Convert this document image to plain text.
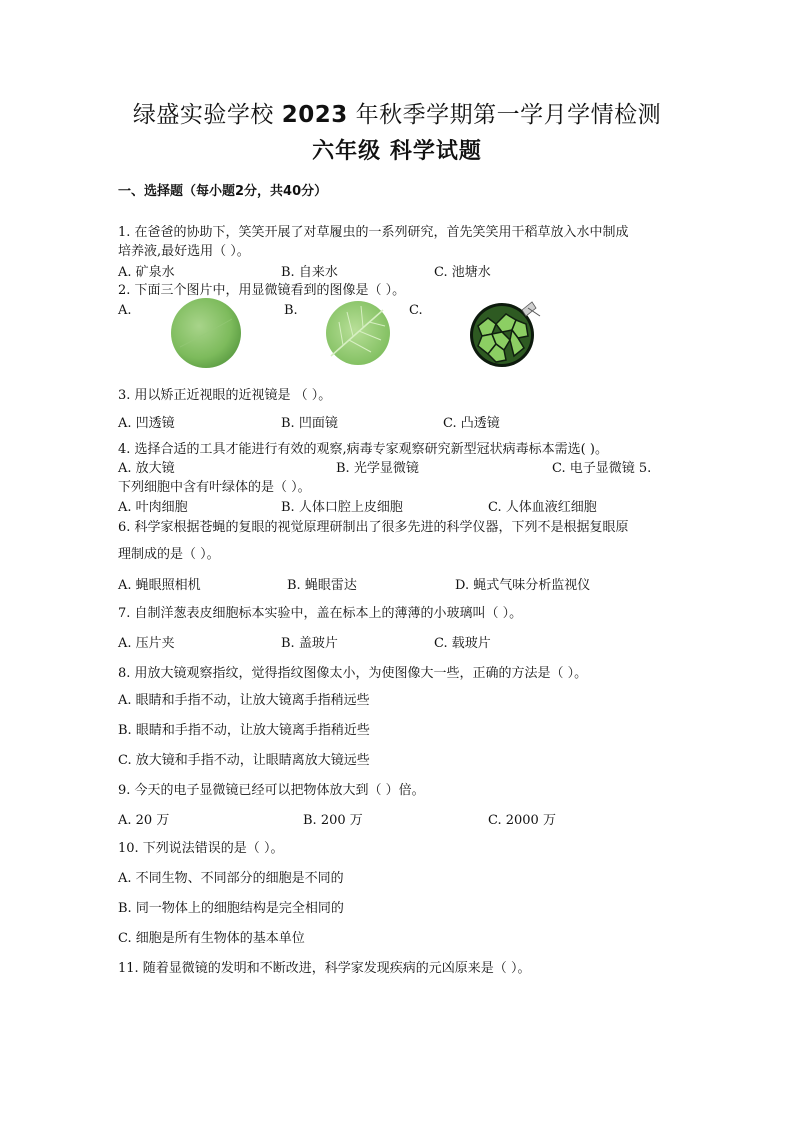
绿盛实验学校 2023 年秋季学期第一学月学情检测
六年级 科学试题
一、选择题（每小题2分，共40分）
1. 在爸爸的协助下，笑笑开展了对草履虫的一系列研究，首先笑笑用干稻草放入水中制成
培养液,最好选用（ ）。
A. 矿泉水	B. 自来水	C. 池塘水
2. 下面三个图片中，用显微镜看到的图像是（ ）。
A.	B.	C.
3. 用以矫正近视眼的近视镜是 （ ）。
A. 凹透镜	B. 凹面镜	C. 凸透镜
4. 选择合适的工具才能进行有效的观察,病毒专家观察研究新型冠状病毒标本需选( )。
A. 放大镜	B. 光学显微镜	C. 电子显微镜 5.
下列细胞中含有叶绿体的是（ ）。
A. 叶肉细胞	B. 人体口腔上皮细胞	C. 人体血液红细胞
6. 科学家根据苍蝇的复眼的视觉原理研制出了很多先进的科学仪器，下列不是根据复眼原
理制成的是（ ）。
A. 蝇眼照相机	B. 蝇眼雷达	D. 蝇式气味分析监视仪
7. 自制洋葱表皮细胞标本实验中，盖在标本上的薄薄的小玻璃叫（ ）。
A. 压片夹	B. 盖玻片	C. 载玻片
8. 用放大镜观察指纹，觉得指纹图像太小，为使图像大一些，正确的方法是（ ）。
A. 眼睛和手指不动，让放大镜离手指稍远些
B. 眼睛和手指不动，让放大镜离手指稍近些
C. 放大镜和手指不动，让眼睛离放大镜远些
9. 今天的电子显微镜已经可以把物体放大到（ ）倍。
A. 20 万	B. 200 万	C. 2000 万
10. 下列说法错误的是（ ）。
A. 不同生物、不同部分的细胞是不同的
B. 同一物体上的细胞结构是完全相同的
C. 细胞是所有生物体的基本单位
11. 随着显微镜的发明和不断改进，科学家发现疾病的元凶原来是（ ）。
